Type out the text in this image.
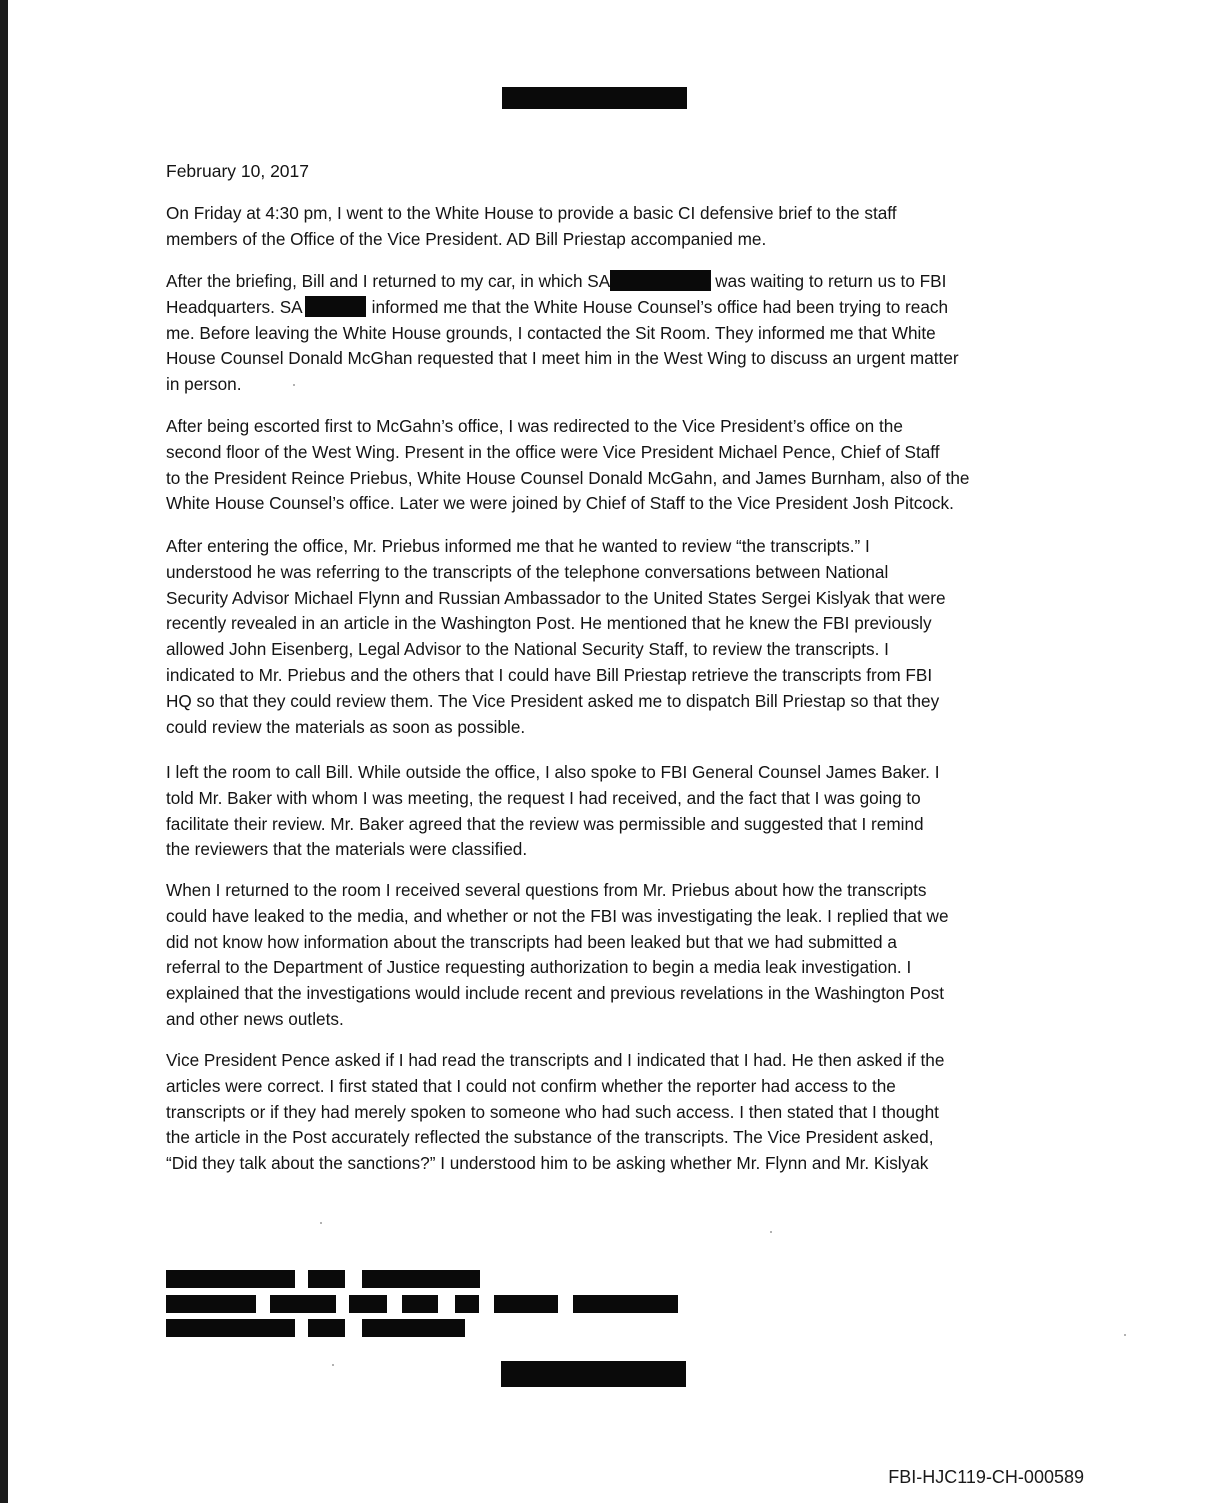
February 10, 2017

On Friday at 4:30 pm, I went to the White House to provide a basic CI defensive brief to the staff
members of the Office of the Vice President. AD Bill Priestap accompanied me.

After the briefing, Bill and I returned to my car, in which SA	was waiting to return us to FBI
Headquarters. SA	informed me that the White House Counsel’s office had been trying to reach
me. Before leaving the White House grounds, I contacted the Sit Room. They informed me that White
House Counsel Donald McGhan requested that I meet him in the West Wing to discuss an urgent matter
in person.

After being escorted first to McGahn’s office, I was redirected to the Vice President’s office on the
second floor of the West Wing. Present in the office were Vice President Michael Pence, Chief of Staff
to the President Reince Priebus, White House Counsel Donald McGahn, and James Burnham, also of the
White House Counsel’s office. Later we were joined by Chief of Staff to the Vice President Josh Pitcock.

After entering the office, Mr. Priebus informed me that he wanted to review “the transcripts.” I
understood he was referring to the transcripts of the telephone conversations between National
Security Advisor Michael Flynn and Russian Ambassador to the United States Sergei Kislyak that were
recently revealed in an article in the Washington Post. He mentioned that he knew the FBI previously
allowed John Eisenberg, Legal Advisor to the National Security Staff, to review the transcripts. I
indicated to Mr. Priebus and the others that I could have Bill Priestap retrieve the transcripts from FBI
HQ so that they could review them. The Vice President asked me to dispatch Bill Priestap so that they
could review the materials as soon as possible.

I left the room to call Bill. While outside the office, I also spoke to FBI General Counsel James Baker. I
told Mr. Baker with whom I was meeting, the request I had received, and the fact that I was going to
facilitate their review. Mr. Baker agreed that the review was permissible and suggested that I remind
the reviewers that the materials were classified.

When I returned to the room I received several questions from Mr. Priebus about how the transcripts
could have leaked to the media, and whether or not the FBI was investigating the leak. I replied that we
did not know how information about the transcripts had been leaked but that we had submitted a
referral to the Department of Justice requesting authorization to begin a media leak investigation. I
explained that the investigations would include recent and previous revelations in the Washington Post
and other news outlets.

Vice President Pence asked if I had read the transcripts and I indicated that I had. He then asked if the
articles were correct. I first stated that I could not confirm whether the reporter had access to the
transcripts or if they had merely spoken to someone who had such access. I then stated that I thought
the article in the Post accurately reflected the substance of the transcripts. The Vice President asked,
“Did they talk about the sanctions?” I understood him to be asking whether Mr. Flynn and Mr. Kislyak

FBI-HJC119-CH-000589
